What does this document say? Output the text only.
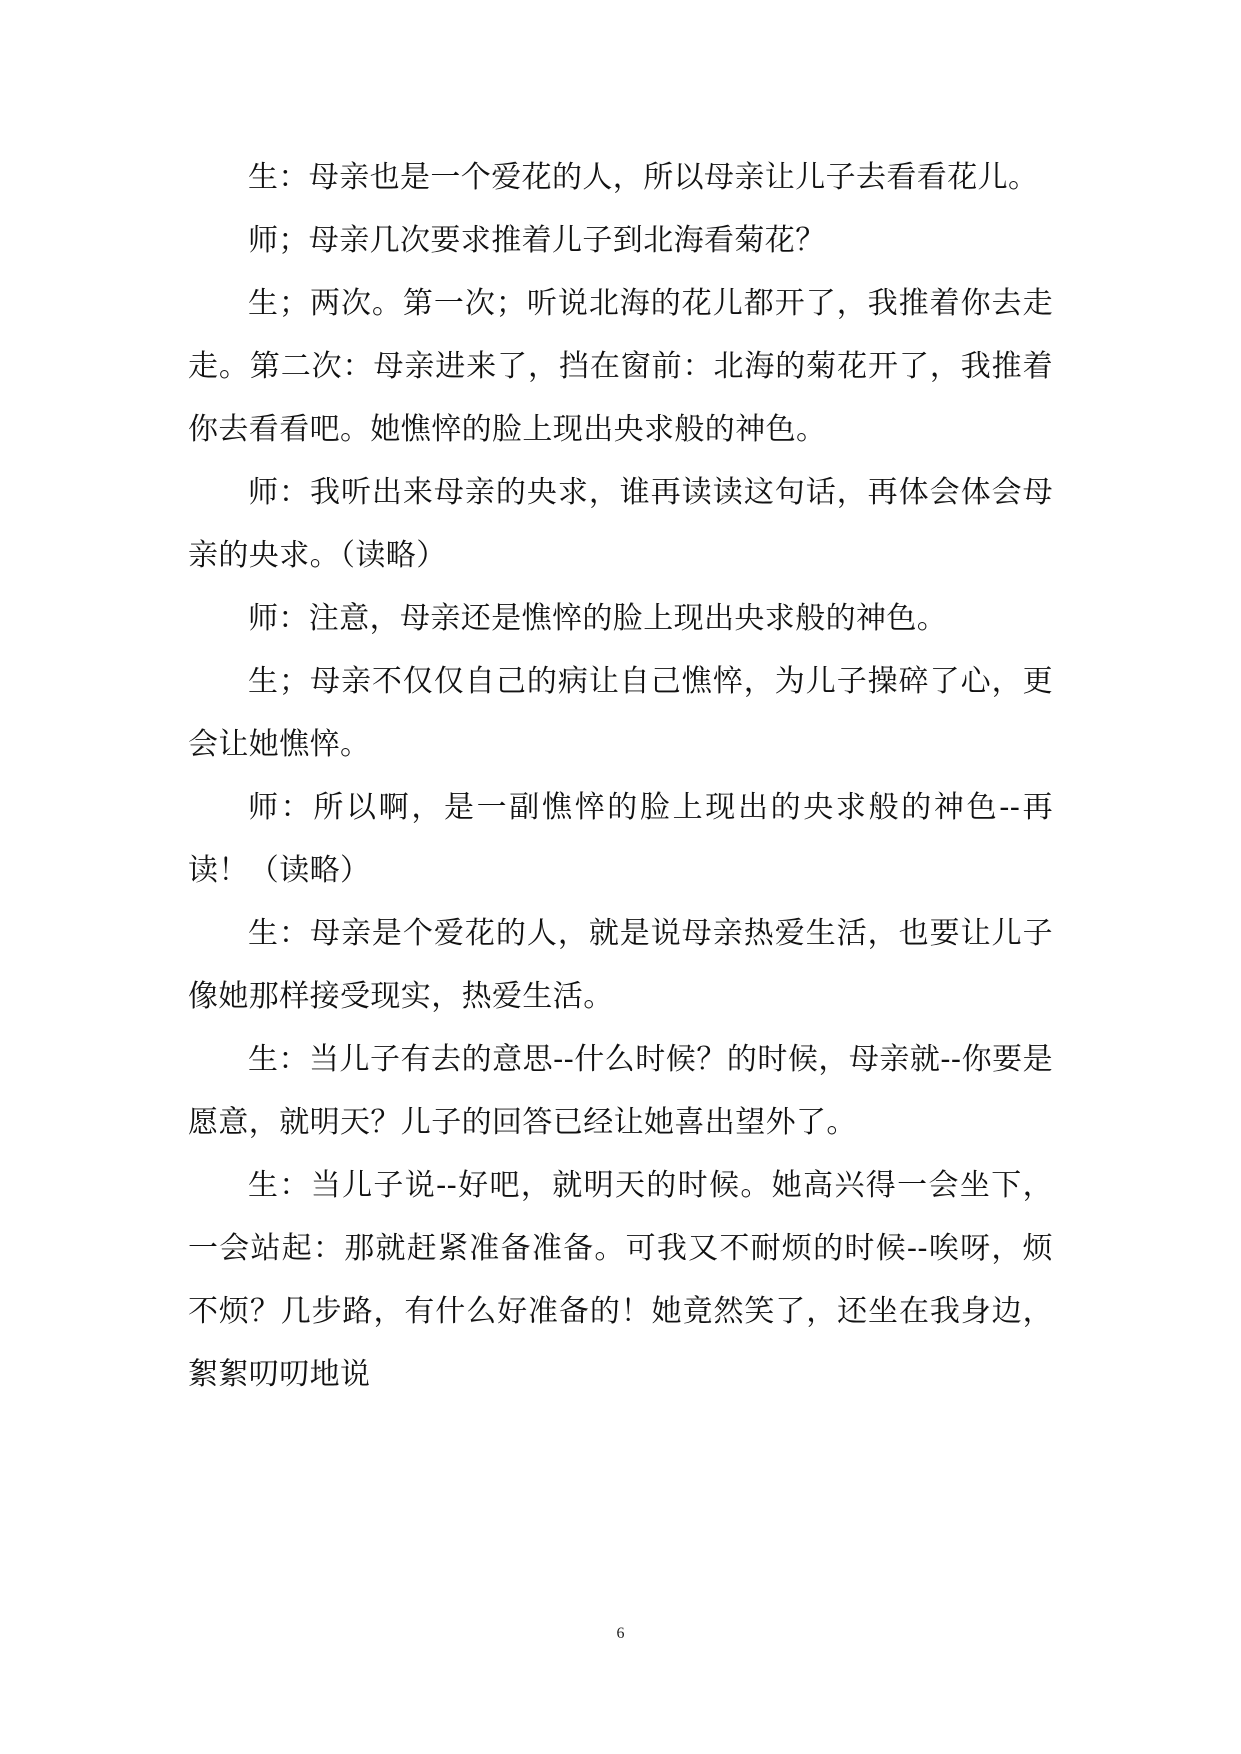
生：母亲也是一个爱花的人，所以母亲让儿子去看看花儿。

师；母亲几次要求推着儿子到北海看菊花？

生；两次。第一次；听说北海的花儿都开了，我推着你去走走。第二次：母亲进来了，挡在窗前：北海的菊花开了，我推着你去看看吧。她憔悴的脸上现出央求般的神色。

师：我听出来母亲的央求，谁再读读这句话，再体会体会母亲的央求。（读略）

师：注意，母亲还是憔悴的脸上现出央求般的神色。

生；母亲不仅仅自己的病让自己憔悴，为儿子操碎了心，更会让她憔悴。

师：所以啊，是一副憔悴的脸上现出的央求般的神色--再读！（读略）

生：母亲是个爱花的人，就是说母亲热爱生活，也要让儿子像她那样接受现实，热爱生活。

生：当儿子有去的意思--什么时候？的时候，母亲就--你要是愿意，就明天？儿子的回答已经让她喜出望外了。

生：当儿子说--好吧，就明天的时候。她高兴得一会坐下，一会站起：那就赶紧准备准备。可我又不耐烦的时候--唉呀，烦不烦？几步路，有什么好准备的！她竟然笑了，还坐在我身边，絮絮叨叨地说

6
